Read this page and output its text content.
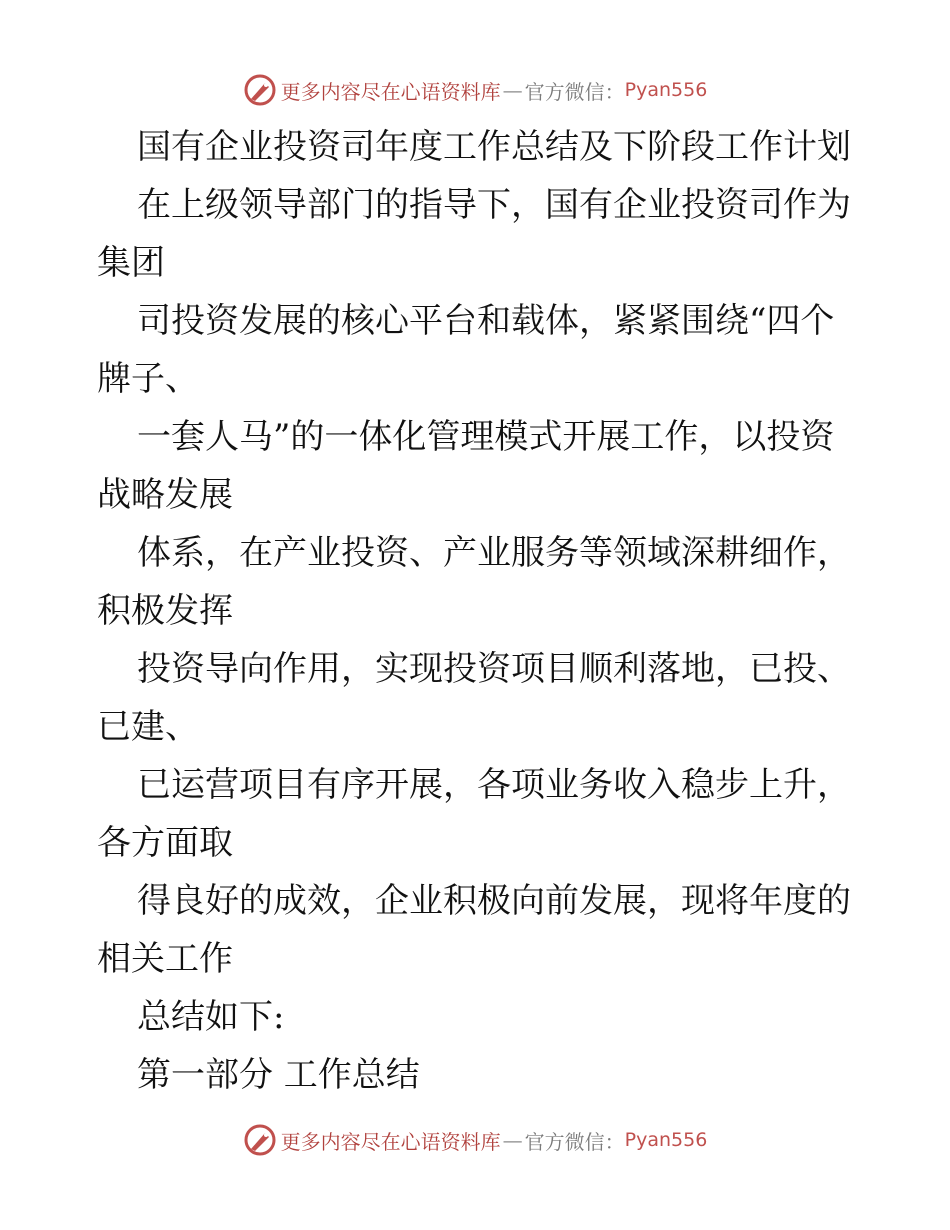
更多内容尽在心语资料库 — 官方微信： Pyan556
国有企业投资司年度工作总结及下阶段工作计划
在上级领导部门的指导下，国有企业投资司作为
集团
司投资发展的核心平台和载体，紧紧围绕“四个
牌子、
一套人马”的一体化管理模式开展工作，以投资
战略发展
体系，在产业投资、产业服务等领域深耕细作，
积极发挥
投资导向作用，实现投资项目顺利落地，已投、
已建、
已运营项目有序开展，各项业务收入稳步上升，
各方面取
得良好的成效，企业积极向前发展，现将年度的
相关工作
总结如下:
第一部分 工作总结
更多内容尽在心语资料库 — 官方微信： Pyan556
